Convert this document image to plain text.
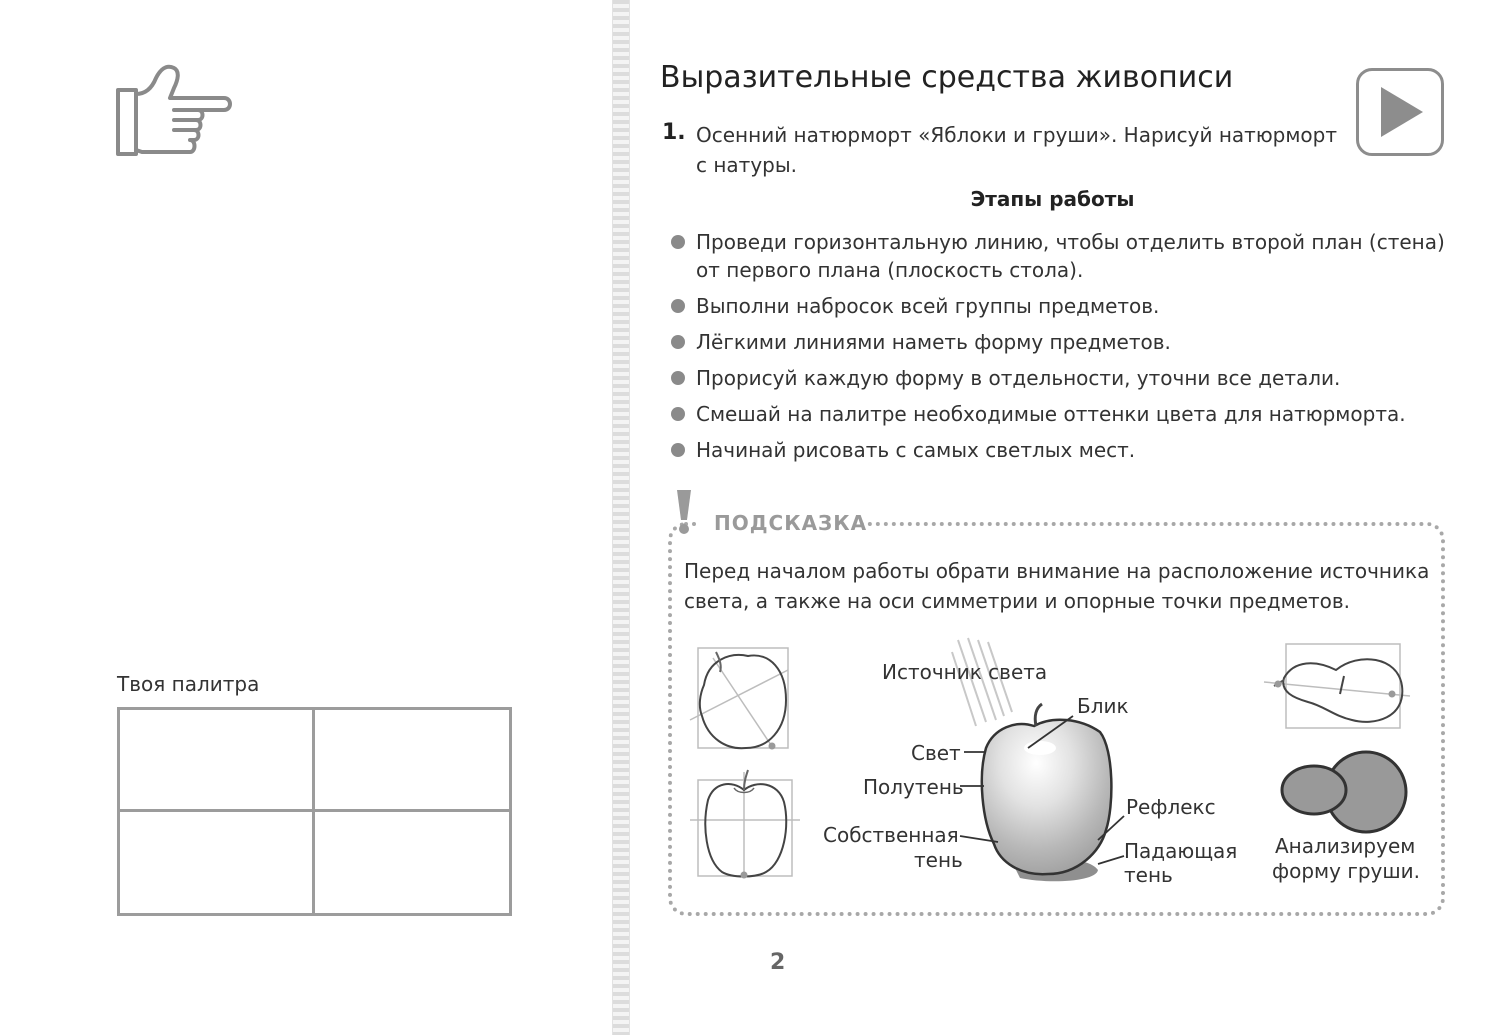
Твоя палитра
Выразительные средства живописи
1. Осенний натюрморт «Яблоки и груши». Нарисуй натюрморт с натуры.
Этапы работы
Проведи горизонтальную линию, чтобы отделить второй план (стена) от первого плана (плоскость стола).
Выполни набросок всей группы предметов.
Лёгкими линиями наметь форму предметов.
Прорисуй каждую форму в отдельности, уточни все детали.
Смешай на палитре необходимые оттенки цвета для натюрморта.
Начинай рисовать с самых светлых мест.
ПОДСКАЗКА
Перед началом работы обрати внимание на расположение источника света, а также на оси симметрии и опорные точки предметов.
Источник света
Блик
Свет
Полутень
Собственная
тень
Рефлекс
Падающая
тень
Анализируем
форму груши.
2
